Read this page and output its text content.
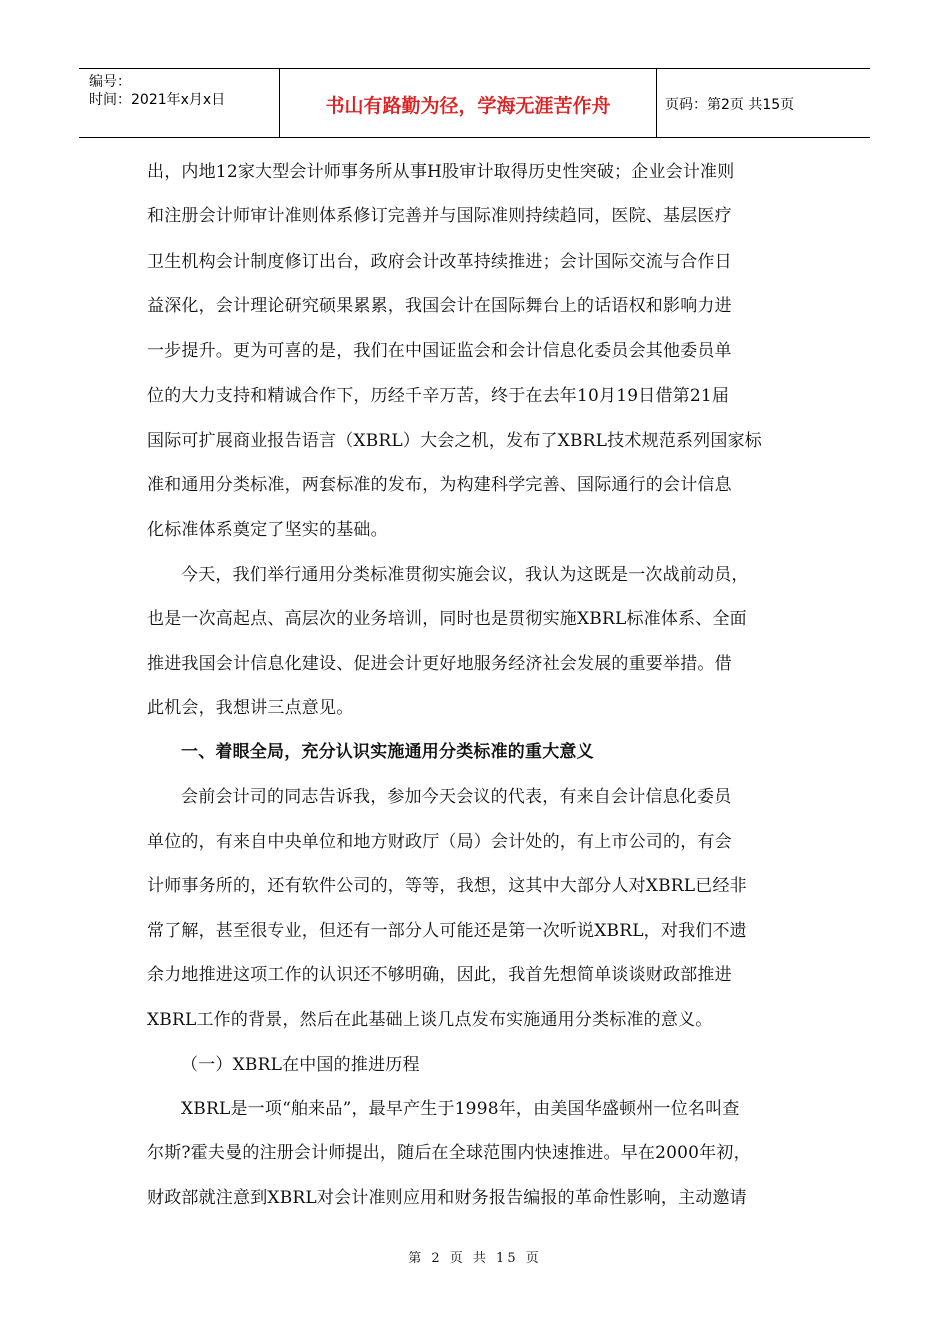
编号：
时间：2021年x月x日	书山有路勤为径，学海无涯苦作舟	页码：第2页 共15页
出，内地12家大型会计师事务所从事H股审计取得历史性突破；企业会计准则
和注册会计师审计准则体系修订完善并与国际准则持续趋同，医院、基层医疗
卫生机构会计制度修订出台，政府会计改革持续推进；会计国际交流与合作日
益深化，会计理论研究硕果累累，我国会计在国际舞台上的话语权和影响力进
一步提升。更为可喜的是，我们在中国证监会和会计信息化委员会其他委员单
位的大力支持和精诚合作下，历经千辛万苦，终于在去年10月19日借第21届
国际可扩展商业报告语言（XBRL）大会之机，发布了XBRL技术规范系列国家标
准和通用分类标准，两套标准的发布，为构建科学完善、国际通行的会计信息
化标准体系奠定了坚实的基础。
今天，我们举行通用分类标准贯彻实施会议，我认为这既是一次战前动员，
也是一次高起点、高层次的业务培训，同时也是贯彻实施XBRL标准体系、全面
推进我国会计信息化建设、促进会计更好地服务经济社会发展的重要举措。借
此机会，我想讲三点意见。
一、着眼全局，充分认识实施通用分类标准的重大意义
会前会计司的同志告诉我，参加今天会议的代表，有来自会计信息化委员
单位的，有来自中央单位和地方财政厅（局）会计处的，有上市公司的，有会
计师事务所的，还有软件公司的，等等，我想，这其中大部分人对XBRL已经非
常了解，甚至很专业，但还有一部分人可能还是第一次听说XBRL，对我们不遗
余力地推进这项工作的认识还不够明确，因此，我首先想简单谈谈财政部推进
XBRL工作的背景，然后在此基础上谈几点发布实施通用分类标准的意义。
（一）XBRL在中国的推进历程
XBRL是一项“舶来品”，最早产生于1998年，由美国华盛顿州一位名叫查
尔斯?霍夫曼的注册会计师提出，随后在全球范围内快速推进。早在2000年初，
财政部就注意到XBRL对会计准则应用和财务报告编报的革命性影响，主动邀请
第 2 页 共 15 页
